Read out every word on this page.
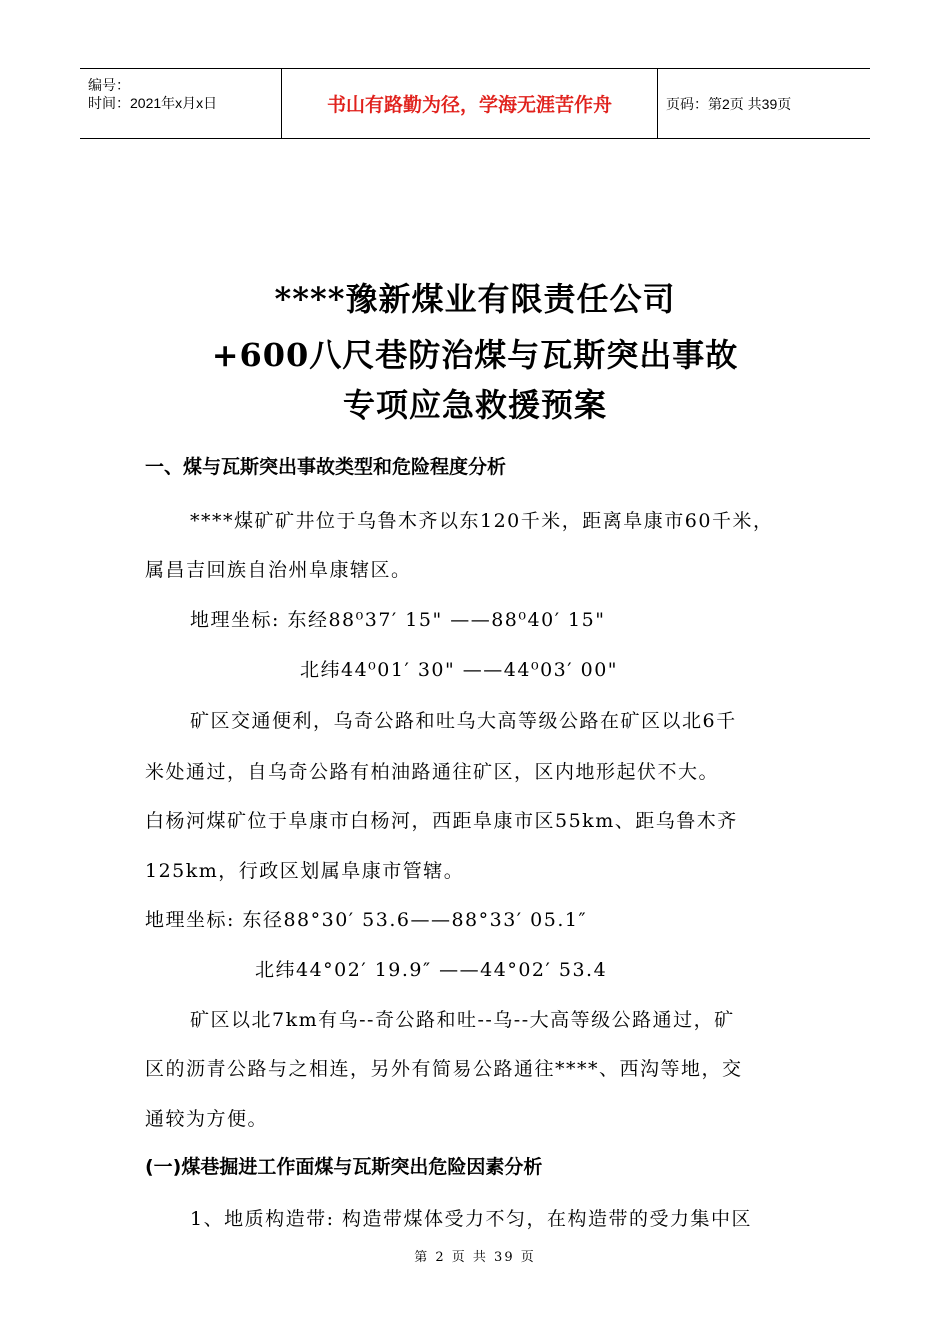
编号：
时间：2021年x月x日	书山有路勤为径，学海无涯苦作舟	页码：第2页 共39页
****豫新煤业有限责任公司
+600八尺巷防治煤与瓦斯突出事故
专项应急救援预案
一、煤与瓦斯突出事故类型和危险程度分析
****煤矿矿井位于乌鲁木齐以东120千米，距离阜康市60千米，
属昌吉回族自治州阜康辖区。
地理坐标: 东经88⁰37′ 15" ——88⁰40′ 15"
北纬44⁰01′ 30" ——44⁰03′ 00"
矿区交通便利，乌奇公路和吐乌大高等级公路在矿区以北6千
米处通过，自乌奇公路有柏油路通往矿区，区内地形起伏不大。
白杨河煤矿位于阜康市白杨河，西距阜康市区55km、距乌鲁木齐
125km，行政区划属阜康市管辖。
地理坐标: 东径88°30′ 53.6——88°33′ 05.1″
北纬44°02′ 19.9″ ——44°02′ 53.4
矿区以北7km有乌--奇公路和吐--乌--大高等级公路通过，矿
区的沥青公路与之相连，另外有简易公路通往****、西沟等地，交
通较为方便。
(一)煤巷掘进工作面煤与瓦斯突出危险因素分析
1、地质构造带: 构造带煤体受力不匀，在构造带的受力集中区
第 2 页 共 39 页
